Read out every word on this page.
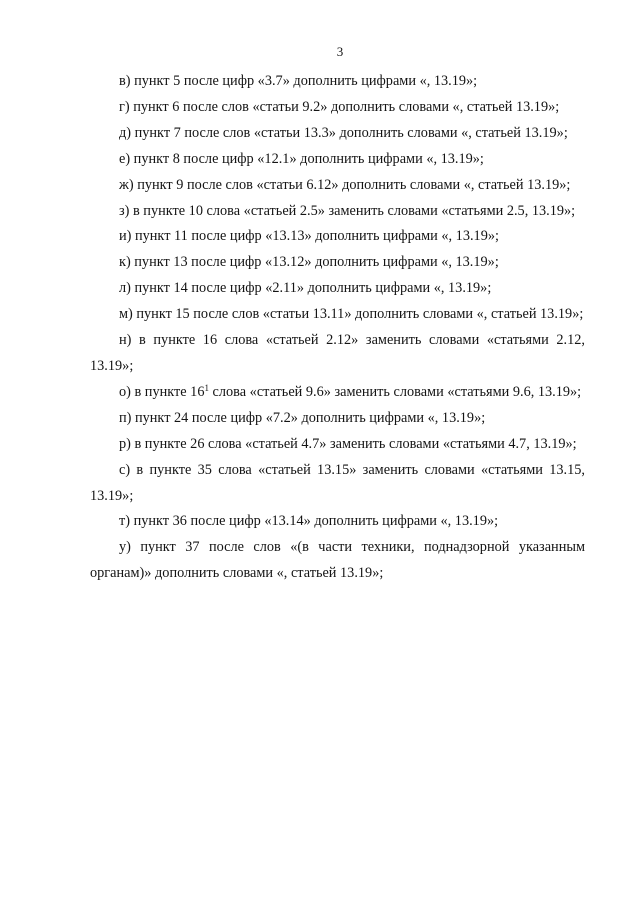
3

в) пункт 5 после цифр «3.7» дополнить цифрами «, 13.19»;

г) пункт 6 после слов «статьи 9.2» дополнить словами «, статьей 13.19»;

д) пункт 7 после слов «статьи 13.3» дополнить словами «, статьей 13.19»;

е) пункт 8 после цифр «12.1» дополнить цифрами «, 13.19»;

ж) пункт 9 после слов «статьи 6.12» дополнить словами «, статьей 13.19»;

з) в пункте 10 слова «статьей 2.5» заменить словами «статьями 2.5, 13.19»;

и) пункт 11 после цифр «13.13» дополнить цифрами «, 13.19»;

к) пункт 13 после цифр «13.12» дополнить цифрами «, 13.19»;

л) пункт 14 после цифр «2.11» дополнить цифрами «, 13.19»;

м) пункт 15 после слов «статьи 13.11» дополнить словами «, статьей 13.19»;

н) в пункте 16 слова «статьей 2.12» заменить словами «статьями 2.12, 13.19»;

о) в пункте $16^1$ слова «статьей 9.6» заменить словами «статьями 9.6, 13.19»;

п) пункт 24 после цифр «7.2» дополнить цифрами «, 13.19»;

р) в пункте 26 слова «статьей 4.7» заменить словами «статьями 4.7, 13.19»;

с) в пункте 35 слова «статьей 13.15» заменить словами «статьями 13.15, 13.19»;

т) пункт 36 после цифр «13.14» дополнить цифрами «, 13.19»;

у) пункт 37 после слов «(в части техники, поднадзорной указанным органам)» дополнить словами «, статьей 13.19»;
